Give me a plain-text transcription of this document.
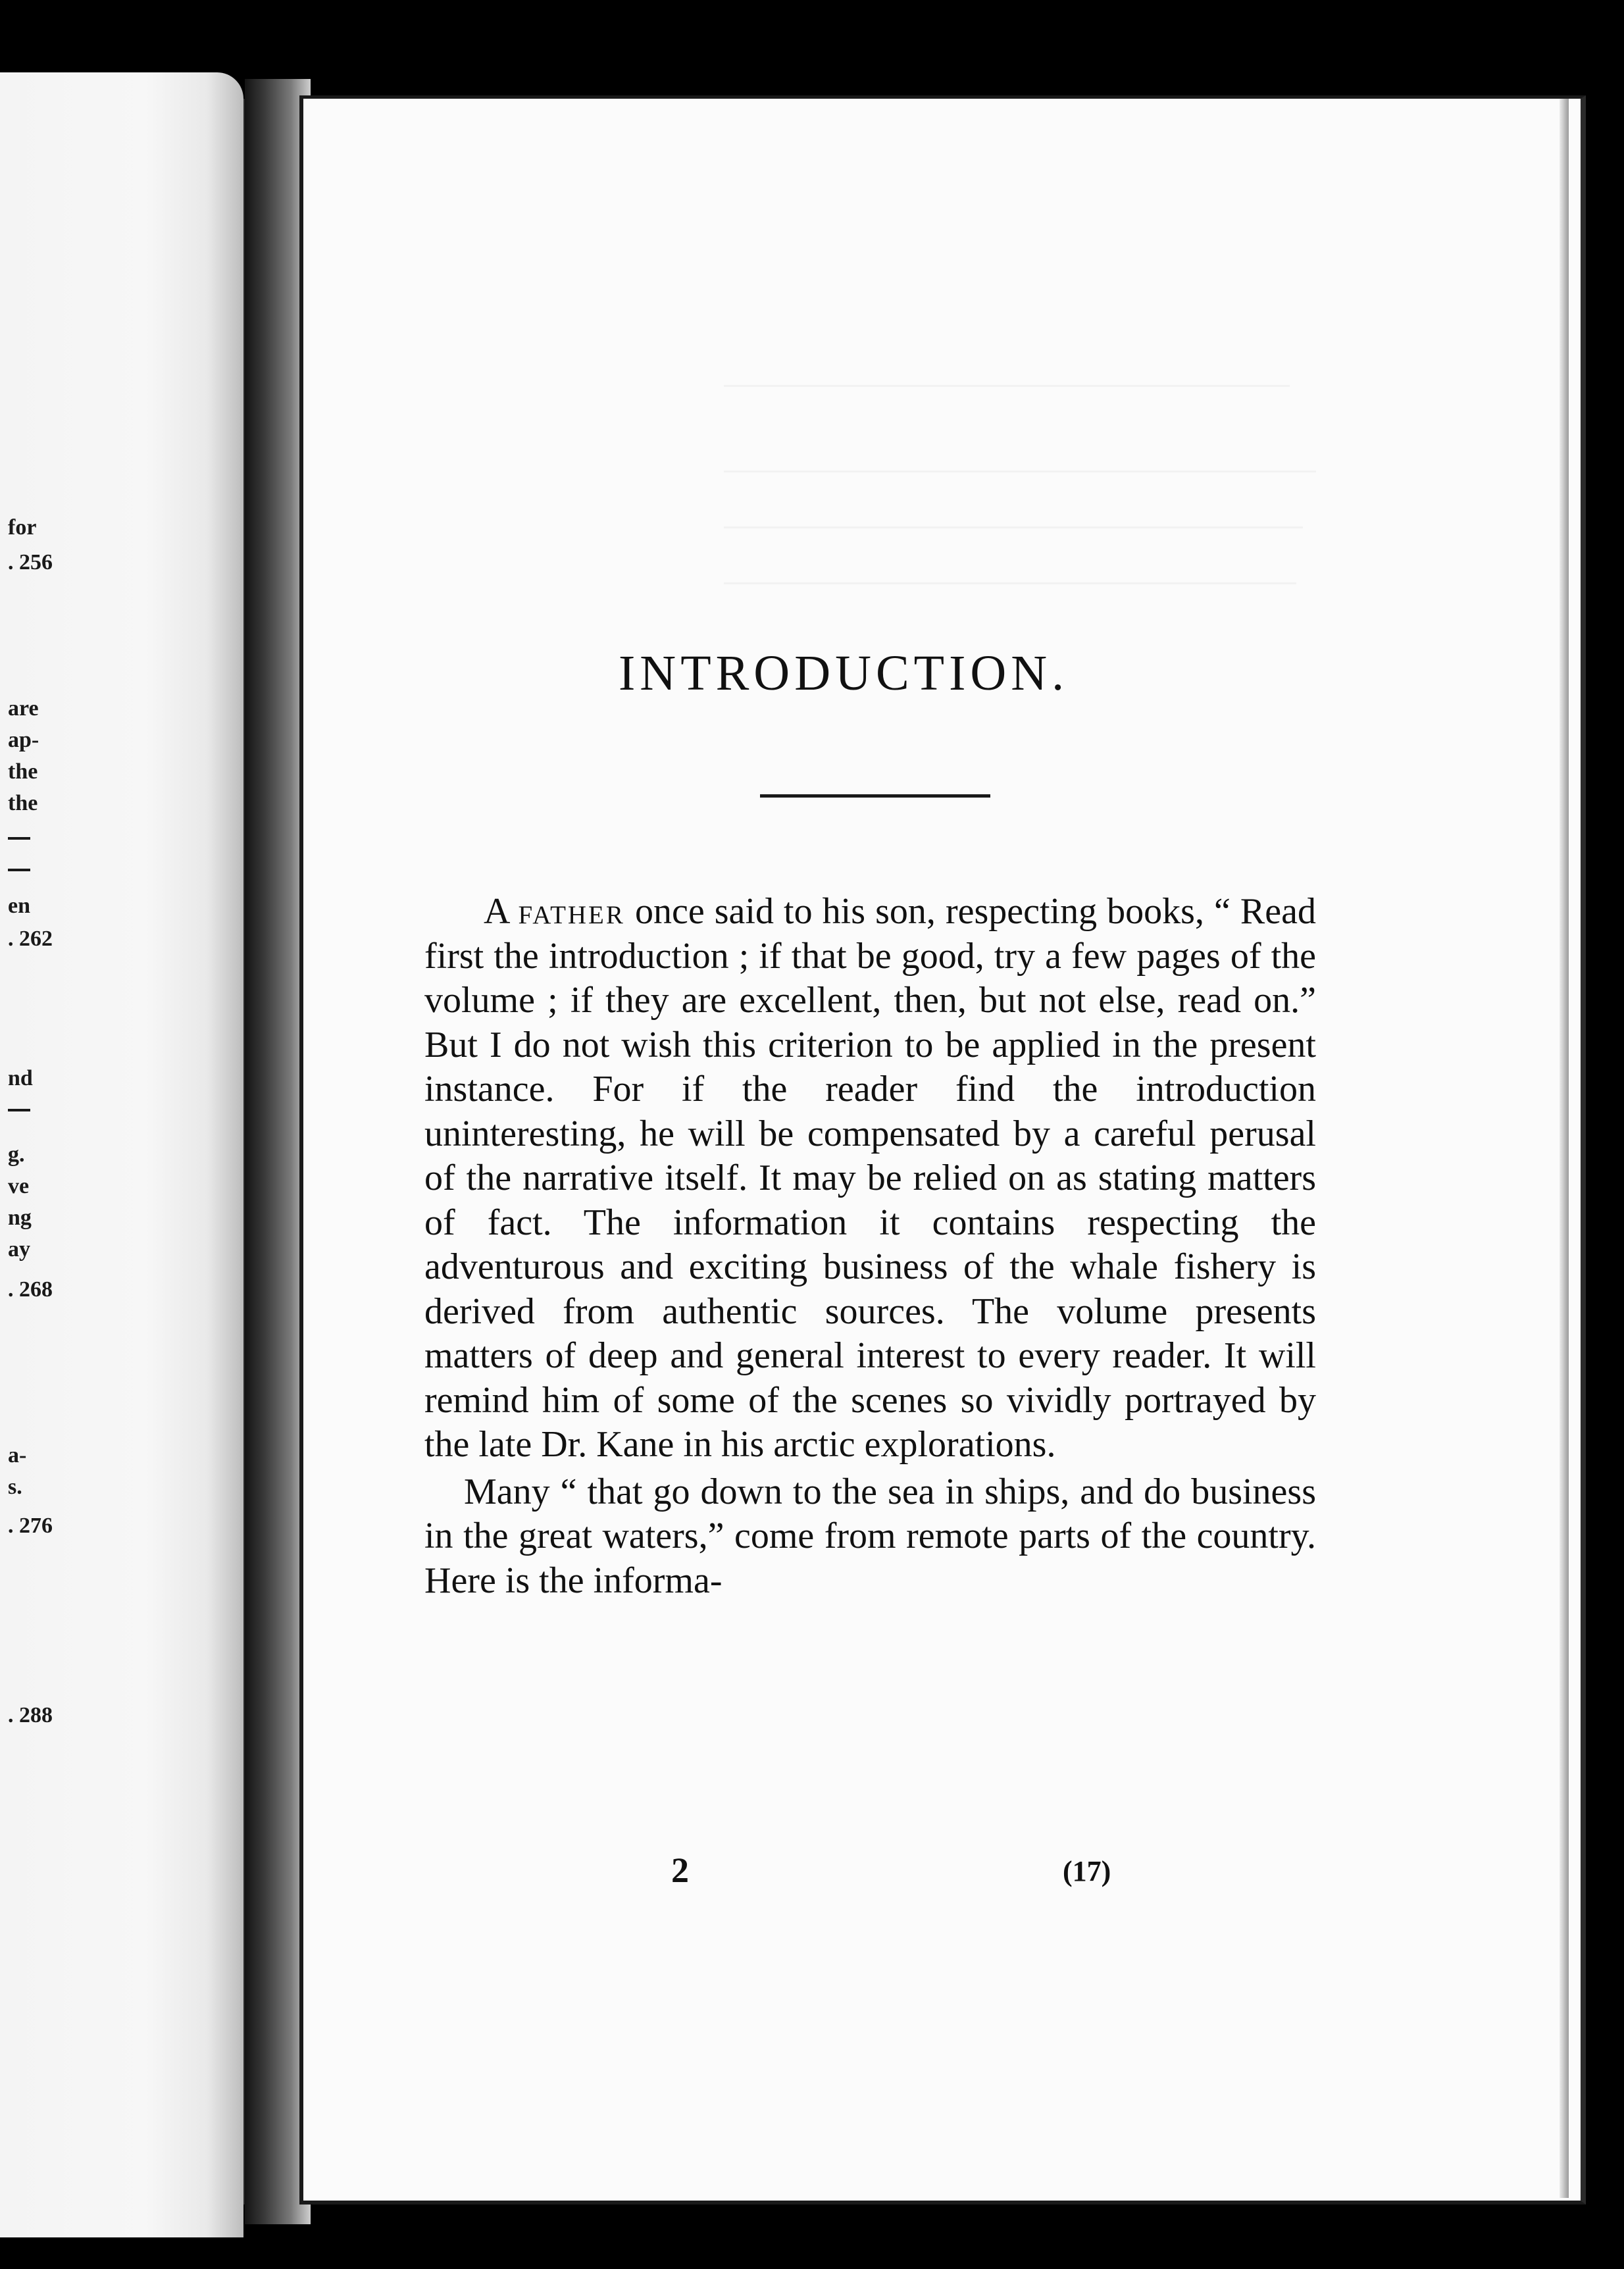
for
. 256
are
ap-
the
the
en
. 262
nd
g.
ve
ng
ay
. 268
a-
s.
. 276
. 288
INTRODUCTION.

A father once said to his son, respecting books, “ Read first the introduction ; if that be good, try a few pages of the volume ; if they are excellent, then, but not else, read on.” But I do not wish this criterion to be applied in the present instance. For if the reader find the introduction uninteresting, he will be compensated by a careful perusal of the narrative itself. It may be relied on as stating matters of fact. The information it contains respecting the adventurous and exciting business of the whale fishery is derived from authentic sources. The volume presents matters of deep and general interest to every reader. It will remind him of some of the scenes so vividly portrayed by the late Dr. Kane in his arctic explorations.

Many “ that go down to the sea in ships, and do business in the great waters,” come from remote parts of the country. Here is the informa-

2	(17)
